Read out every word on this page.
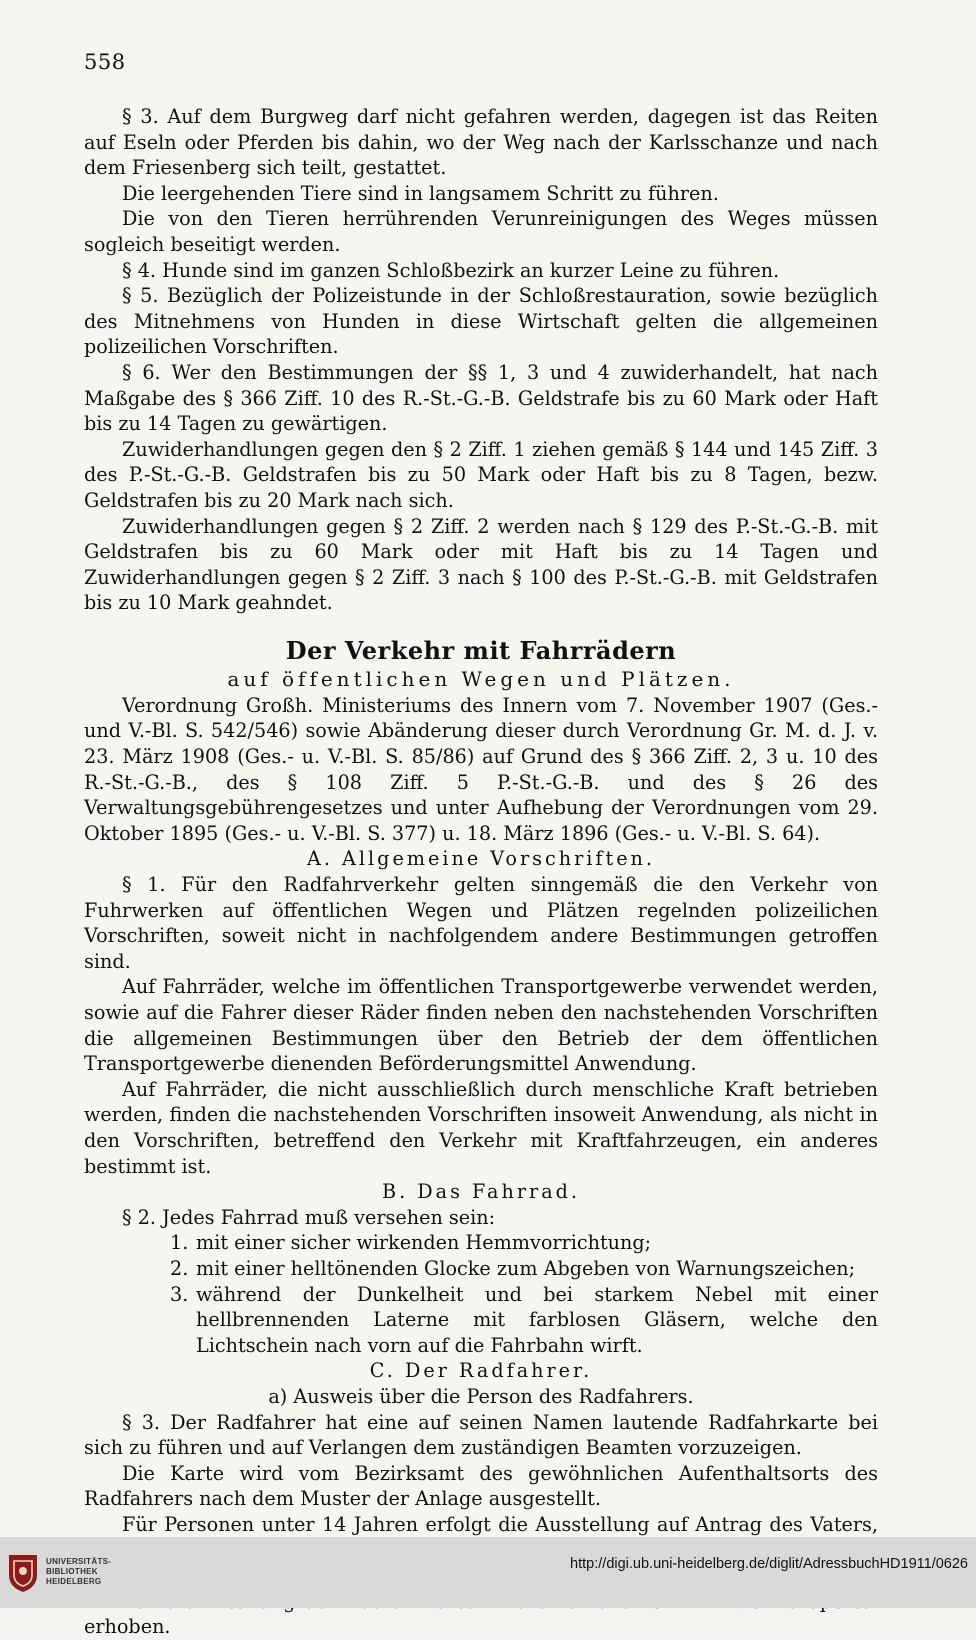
558

§ 3. Auf dem Burgweg darf nicht gefahren werden, dagegen ist das Reiten auf Eseln oder Pferden bis dahin, wo der Weg nach der Karlsschanze und nach dem Friesenberg sich teilt, gestattet.

Die leergehenden Tiere sind in langsamem Schritt zu führen.

Die von den Tieren herrührenden Verunreinigungen des Weges müssen sogleich beseitigt werden.

§ 4. Hunde sind im ganzen Schloßbezirk an kurzer Leine zu führen.

§ 5. Bezüglich der Polizeistunde in der Schloßrestauration, sowie bezüglich des Mitnehmens von Hunden in diese Wirtschaft gelten die allgemeinen polizeilichen Vorschriften.

§ 6. Wer den Bestimmungen der §§ 1, 3 und 4 zuwiderhandelt, hat nach Maßgabe des § 366 Ziff. 10 des R.-St.-G.-B. Geldstrafe bis zu 60 Mark oder Haft bis zu 14 Tagen zu gewärtigen.

Zuwiderhandlungen gegen den § 2 Ziff. 1 ziehen gemäß § 144 und 145 Ziff. 3 des P.-St.-G.-B. Geldstrafen bis zu 50 Mark oder Haft bis zu 8 Tagen, bezw. Geldstrafen bis zu 20 Mark nach sich.

Zuwiderhandlungen gegen § 2 Ziff. 2 werden nach § 129 des P.-St.-G.-B. mit Geldstrafen bis zu 60 Mark oder mit Haft bis zu 14 Tagen und Zuwiderhandlungen gegen § 2 Ziff. 3 nach § 100 des P.-St.-G.-B. mit Geldstrafen bis zu 10 Mark geahndet.

Der Verkehr mit Fahrrädern
auf öffentlichen Wegen und Plätzen.

Verordnung Großh. Ministeriums des Innern vom 7. November 1907 (Ges.- und V.-Bl. S. 542/546) sowie Abänderung dieser durch Verordnung Gr. M. d. J. v. 23. März 1908 (Ges.- u. V.-Bl. S. 85/86) auf Grund des § 366 Ziff. 2, 3 u. 10 des R.-St.-G.-B., des § 108 Ziff. 5 P.-St.-G.-B. und des § 26 des Verwaltungsgebührengesetzes und unter Aufhebung der Verordnungen vom 29. Oktober 1895 (Ges.- u. V.-Bl. S. 377) u. 18. März 1896 (Ges.- u. V.-Bl. S. 64).

A. Allgemeine Vorschriften.

§ 1. Für den Radfahrverkehr gelten sinngemäß die den Verkehr von Fuhrwerken auf öffentlichen Wegen und Plätzen regelnden polizeilichen Vorschriften, soweit nicht in nachfolgendem andere Bestimmungen getroffen sind.

Auf Fahrräder, welche im öffentlichen Transportgewerbe verwendet werden, sowie auf die Fahrer dieser Räder finden neben den nachstehenden Vorschriften die allgemeinen Bestimmungen über den Betrieb der dem öffentlichen Transportgewerbe dienenden Beförderungsmittel Anwendung.

Auf Fahrräder, die nicht ausschließlich durch menschliche Kraft betrieben werden, finden die nachstehenden Vorschriften insoweit Anwendung, als nicht in den Vorschriften, betreffend den Verkehr mit Kraftfahrzeugen, ein anderes bestimmt ist.

B. Das Fahrrad.

§ 2. Jedes Fahrrad muß versehen sein:

1. mit einer sicher wirkenden Hemmvorrichtung;
2. mit einer helltönenden Glocke zum Abgeben von Warnungszeichen;
3. während der Dunkelheit und bei starkem Nebel mit einer hellbrennenden Laterne mit farblosen Gläsern, welche den Lichtschein nach vorn auf die Fahrbahn wirft.
C. Der Radfahrer.
a) Ausweis über die Person des Radfahrers.

§ 3. Der Radfahrer hat eine auf seinen Namen lautende Radfahrkarte bei sich zu führen und auf Verlangen dem zuständigen Beamten vorzuzeigen.

Die Karte wird vom Bezirksamt des gewöhnlichen Aufenthaltsorts des Radfahrers nach dem Muster der Anlage ausgestellt.

Für Personen unter 14 Jahren erfolgt die Ausstellung auf Antrag des Vaters,

erhoben.

UNIVERSITÄTS-
BIBLIOTHEK
HEIDELBERG
http://digi.ub.uni-heidelberg.de/diglit/AdressbuchHD1911/0626
